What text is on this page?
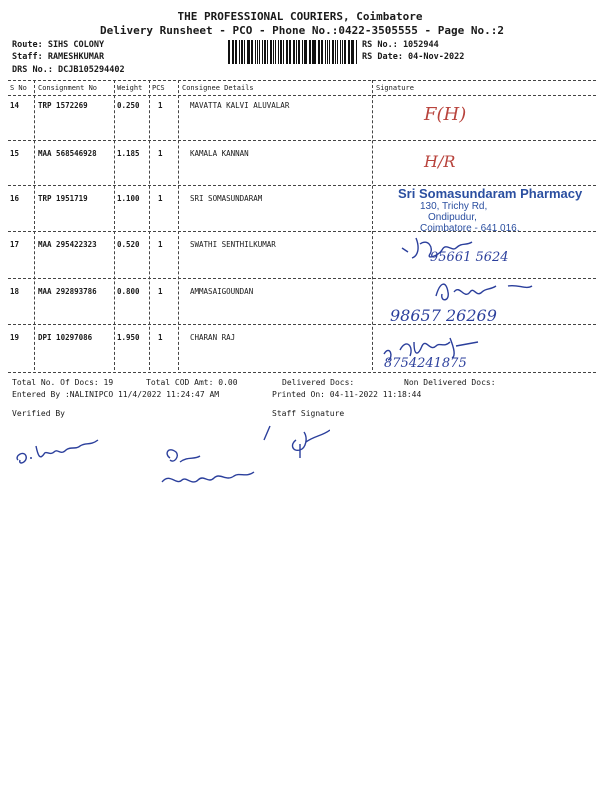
THE PROFESSIONAL COURIERS, Coimbatore
Delivery Runsheet - PCO - Phone No.:0422-3505555 - Page No.:2
Route: SIHS COLONY
Staff: RAMESHKUMAR
DRS No.: DCJB105294402
RS No.: 1052944
RS Date: 04-Nov-2022
S No Consignment No	Weight PCS Consignee Details	Signature
14	TRP 1572269	0.250 1	MAVATTA KALVI ALUVALAR
15	MAA 568546928	1.185 1	KAMALA KANNAN
16	TRP 1951719	1.100 1	SRI SOMASUNDARAM
17	MAA 295422323	0.520 1	SWATHI SENTHILKUMAR
18	MAA 292893786	0.800 1	AMMASAIGOUNDAN
19	DPI 10297086	1.950 1	CHARAN RAJ
F(H)
H/R
Sri Somasundaram Pharmacy
130, Trichy Rd,
Ondipudur,
Coimbatore - 641 016.
95661 5624
98657 26269
8754241875
Total No. Of Docs: 19	Total COD Amt: 0.00	Delivered Docs:	Non Delivered Docs:
Entered By :NALINIPCO 11/4/2022 11:24:47 AM	Printed On: 04-11-2022 11:18:44
Verified By	Staff Signature
